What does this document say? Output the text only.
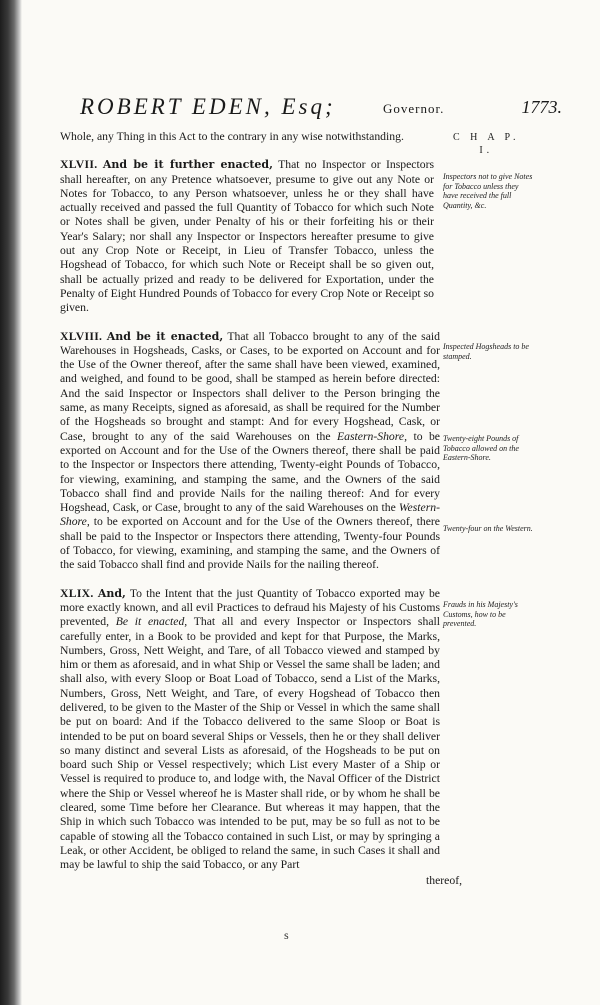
ROBERT EDEN, Esq;	Governor.	1773.
C H A P.
I.

Whole, any Thing in this Act to the contrary in any wise notwithstanding.

XLVII. And be it further enacted, That no Inspector or Inspectors shall hereafter, on any Pretence whatsoever, presume to give out any Note or Notes for Tobacco, to any Person whatsoever, unless he or they shall have actually received and passed the full Quantity of Tobacco for which such Note or Notes shall be given, under Penalty of his or their forfeiting his or their Year's Salary; nor shall any Inspector or Inspectors hereafter presume to give out any Crop Note or Receipt, in Lieu of Transfer Tobacco, unless the Hogshead of Tobacco, for which such Note or Receipt shall be so given out, shall be actually prized and ready to be delivered for Exportation, under the Penalty of Eight Hundred Pounds of Tobacco for every Crop Note or Receipt so given.

XLVIII. And be it enacted, That all Tobacco brought to any of the said Warehouses in Hogsheads, Casks, or Cases, to be exported on Account and for the Use of the Owner thereof, after the same shall have been viewed, examined, and weighed, and found to be good, shall be stamped as herein before directed: And the said Inspector or Inspectors shall deliver to the Person bringing the same, as many Receipts, signed as aforesaid, as shall be required for the Number of the Hogsheads so brought and stampt: And for every Hogshead, Cask, or Case, brought to any of the said Warehouses on the Eastern-Shore, to be exported on Account and for the Use of the Owners thereof, there shall be paid to the Inspector or Inspectors there attending, Twenty-eight Pounds of Tobacco, for viewing, examining, and stamping the same, and the Owners of the said Tobacco shall find and provide Nails for the nailing thereof: And for every Hogshead, Cask, or Case, brought to any of the said Warehouses on the Western-Shore, to be exported on Account and for the Use of the Owners thereof, there shall be paid to the Inspector or Inspectors there attending, Twenty-four Pounds of Tobacco, for viewing, examining, and stamping the same, and the Owners of the said Tobacco shall find and provide Nails for the nailing thereof.

XLIX. And, To the Intent that the just Quantity of Tobacco exported may be more exactly known, and all evil Practices to defraud his Majesty of his Customs prevented, Be it enacted, That all and every Inspector or Inspectors shall carefully enter, in a Book to be provided and kept for that Purpose, the Marks, Numbers, Gross, Nett Weight, and Tare, of all Tobacco viewed and stamped by him or them as aforesaid, and in what Ship or Vessel the same shall be laden; and shall also, with every Sloop or Boat Load of Tobacco, send a List of the Marks, Numbers, Gross, Nett Weight, and Tare, of every Hogshead of Tobacco then delivered, to be given to the Master of the Ship or Vessel in which the same shall be put on board: And if the Tobacco delivered to the same Sloop or Boat is intended to be put on board several Ships or Vessels, then he or they shall deliver so many distinct and several Lists as aforesaid, of the Hogsheads to be put on board such Ship or Vessel respectively; which List every Master of a Ship or Vessel is required to produce to, and lodge with, the Naval Officer of the District where the Ship or Vessel whereof he is Master shall ride, or by whom he shall be cleared, some Time before her Clearance. But whereas it may happen, that the Ship in which such Tobacco was intended to be put, may be so full as not to be capable of stowing all the Tobacco contained in such List, or may by springing a Leak, or other Accident, be obliged to reland the same, in such Cases it shall and may be lawful to ship the said Tobacco, or any Part

thereof,
Inspectors not to give Notes for Tobacco unless they have received the full Quantity, &c.
Inspected Hogsheads to be stamped.
Twenty-eight Pounds of Tobacco allowed on the Eastern-Shore.
Twenty-four on the Western.
Frauds in his Majesty's Customs, how to be prevented.
s
